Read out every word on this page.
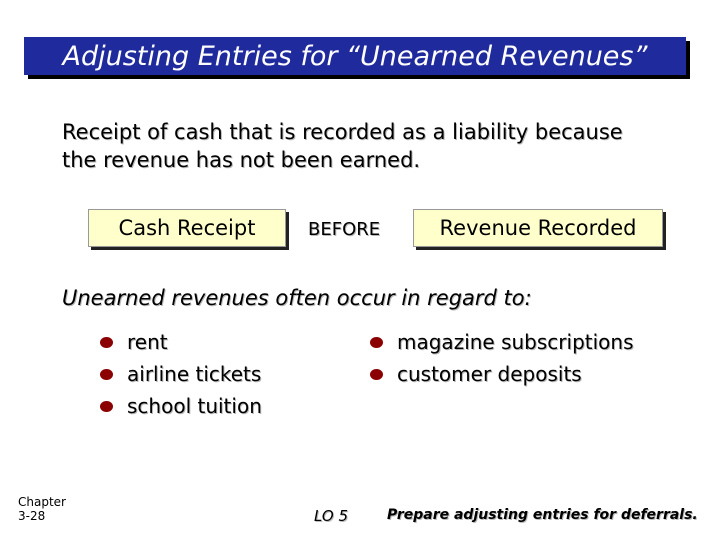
Adjusting Entries for “Unearned Revenues”
Receipt of cash that is recorded as a liability because
the revenue has not been earned.
Cash Receipt	BEFORE	Revenue Recorded
Unearned revenues often occur in regard to:
rent
airline tickets
school tuition
magazine subscriptions
customer deposits
Chapter
3-28	LO 5	Prepare adjusting entries for deferrals.
